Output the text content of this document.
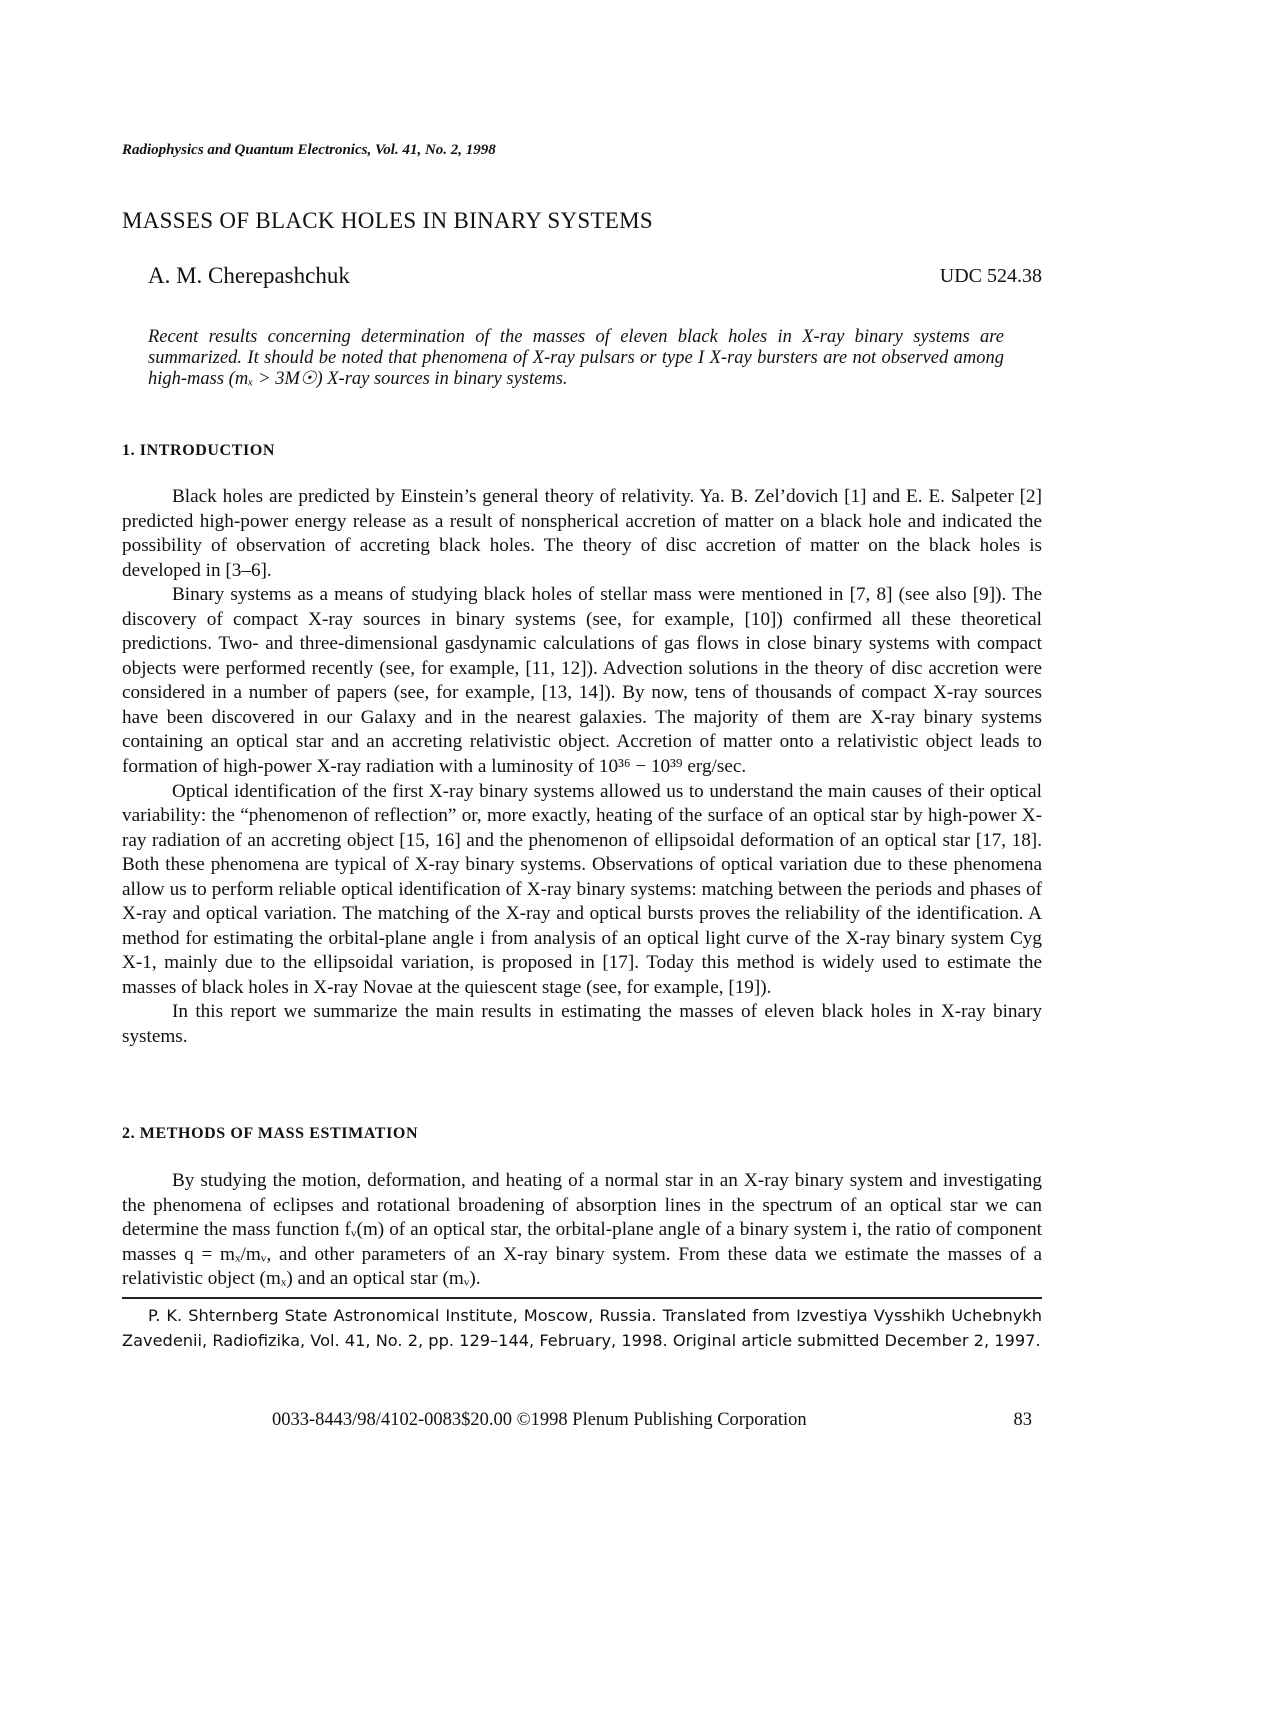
Radiophysics and Quantum Electronics, Vol. 41, No. 2, 1998
MASSES OF BLACK HOLES IN BINARY SYSTEMS
A. M. Cherepashchuk	UDC 524.38
Recent results concerning determination of the masses of eleven black holes in X-ray binary systems are summarized. It should be noted that phenomena of X-ray pulsars or type I X-ray bursters are not observed among high-mass (mₓ > 3M☉) X-ray sources in binary systems.
1. INTRODUCTION

Black holes are predicted by Einstein’s general theory of relativity. Ya. B. Zel’dovich [1] and E. E. Salpeter [2] predicted high-power energy release as a result of nonspherical accretion of matter on a black hole and indicated the possibility of observation of accreting black holes. The theory of disc accretion of matter on the black holes is developed in [3–6].

Binary systems as a means of studying black holes of stellar mass were mentioned in [7, 8] (see also [9]). The discovery of compact X-ray sources in binary systems (see, for example, [10]) confirmed all these theoretical predictions. Two- and three-dimensional gasdynamic calculations of gas flows in close binary systems with compact objects were performed recently (see, for example, [11, 12]). Advection solutions in the theory of disc accretion were considered in a number of papers (see, for example, [13, 14]). By now, tens of thousands of compact X-ray sources have been discovered in our Galaxy and in the nearest galaxies. The majority of them are X-ray binary systems containing an optical star and an accreting relativistic object. Accretion of matter onto a relativistic object leads to formation of high-power X-ray radiation with a luminosity of 10³⁶ − 10³⁹ erg/sec.

Optical identification of the first X-ray binary systems allowed us to understand the main causes of their optical variability: the “phenomenon of reflection” or, more exactly, heating of the surface of an optical star by high-power X-ray radiation of an accreting object [15, 16] and the phenomenon of ellipsoidal deformation of an optical star [17, 18]. Both these phenomena are typical of X-ray binary systems. Observations of optical variation due to these phenomena allow us to perform reliable optical identification of X-ray binary systems: matching between the periods and phases of X-ray and optical variation. The matching of the X-ray and optical bursts proves the reliability of the identification. A method for estimating the orbital-plane angle i from analysis of an optical light curve of the X-ray binary system Cyg X-1, mainly due to the ellipsoidal variation, is proposed in [17]. Today this method is widely used to estimate the masses of black holes in X-ray Novae at the quiescent stage (see, for example, [19]).

In this report we summarize the main results in estimating the masses of eleven black holes in X-ray binary systems.

2. METHODS OF MASS ESTIMATION

By studying the motion, deformation, and heating of a normal star in an X-ray binary system and investigating the phenomena of eclipses and rotational broadening of absorption lines in the spectrum of an optical star we can determine the mass function fᵥ(m) of an optical star, the orbital-plane angle of a binary system i, the ratio of component masses q = mₓ/mᵥ, and other parameters of an X-ray binary system. From these data we estimate the masses of a relativistic object (mₓ) and an optical star (mᵥ).

P. K. Shternberg State Astronomical Institute, Moscow, Russia. Translated from Izvestiya Vysshikh Uchebnykh Zavedenii, Radiofizika, Vol. 41, No. 2, pp. 129–144, February, 1998. Original article submitted December 2, 1997.

0033-8443/98/4102-0083$20.00 ©1998 Plenum Publishing Corporation	83
